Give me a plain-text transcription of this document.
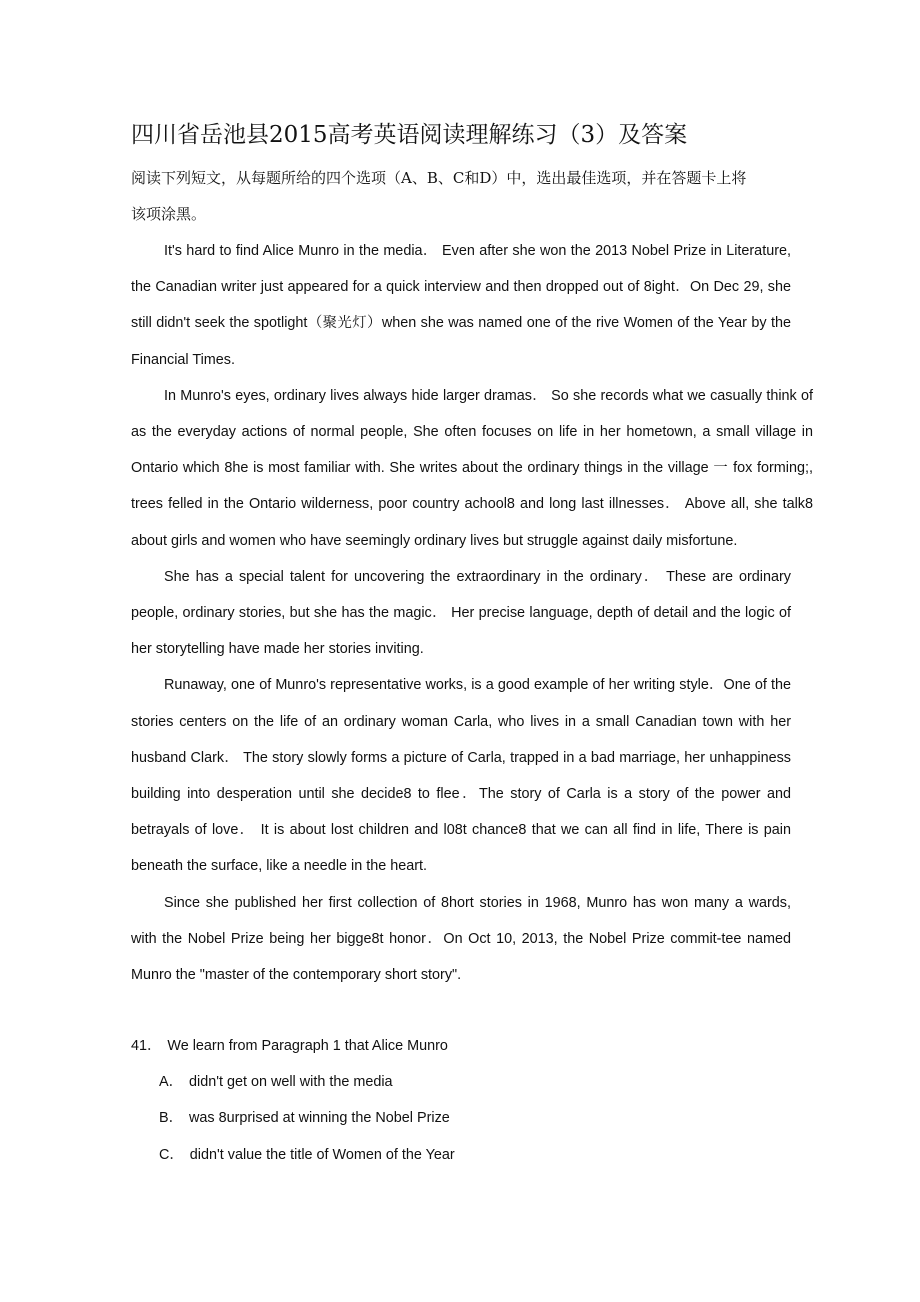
四川省岳池县2015高考英语阅读理解练习（3）及答案
阅读下列短文，从每题所给的四个选项（A、B、C和D）中，选出最佳选项，并在答题卡上将
该项涂黑。

It's hard to find Alice Munro in the media． Even after she won the 2013 Nobel Prize in Literature, the Canadian writer just appeared for a quick interview and then dropped out of 8ight．On Dec 29, she still didn't seek the spotlight（聚光灯）when she was named one of the rive Women of the Year by the Financial Times.

In Munro's eyes, ordinary lives always hide larger dramas． So she records what we casually think of as the everyday actions of normal people, She often focuses on life in her hometown, a small village in Ontario which 8he is most familiar with. She writes about the ordinary things in the village 一 fox forming;, trees felled in the Ontario wilderness, poor country achool8 and long last illnesses． Above all, she talk8 about girls and women who have seemingly ordinary lives but struggle against daily misfortune.

She has a special talent for uncovering the extraordinary in the ordinary． These are ordinary people, ordinary stories, but she has the magic． Her precise language, depth of detail and the logic of her storytelling have made her stories inviting.

Runaway, one of Munro's representative works, is a good example of her writing style．One of the stories centers on the life of an ordinary woman Carla, who lives in a small Canadian town with her husband Clark． The story slowly forms a picture of Carla, trapped in a bad marriage, her unhappiness building into desperation until she decide8 to flee．The story of Carla is a story of the power and betrayals of love． It is about lost children and l08t chance8 that we can all find in life, There is pain beneath the surface, like a needle in the heart.

Since she published her first collection of 8hort stories in 1968, Munro has won many a wards, with the Nobel Prize being her bigge8t honor．On Oct 10, 2013, the Nobel Prize commit-tee named Munro the "master of the contemporary short story".

41． We learn from Paragraph 1 that Alice Munro
A． didn't get on well with the media
B． was 8urprised at winning the Nobel Prize
C． didn't value the title of Women of the Year
